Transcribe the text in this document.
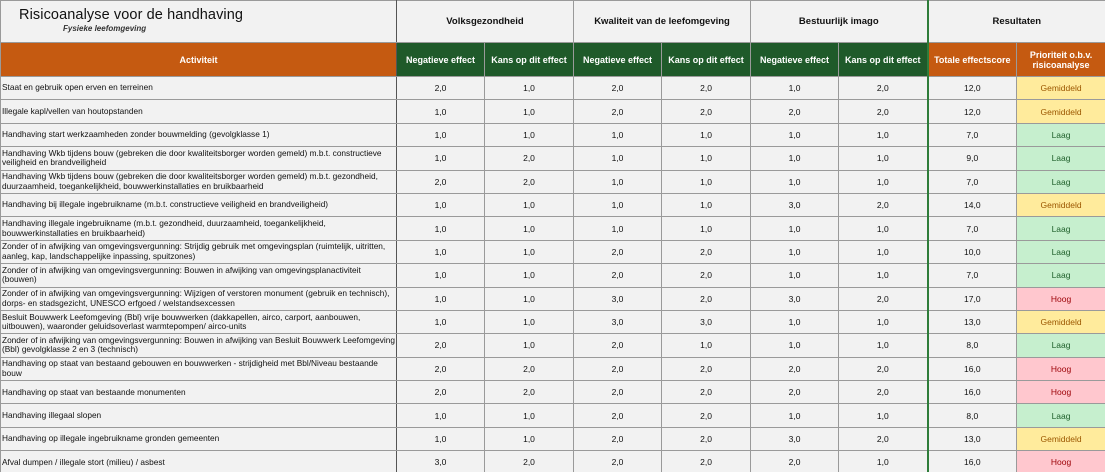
Risicoanalyse voor de handhaving
Fysieke leefomgeving	Volksgezondheid		Kwaliteit van de leefomgeving		Bestuurlijk imago		Resultaten	
Activiteit	Negatieve effect	Kans op dit effect	Negatieve effect	Kans op dit effect	Negatieve effect	Kans op dit effect	Totale effectscore	Prioriteit o.b.v. risicoanalyse
Staat en gebruik open erven en terreinen	2,0	1,0	2,0	2,0	1,0	2,0	12,0	Gemiddeld
Illegale kapl/vellen van houtopstanden	1,0	1,0	2,0	2,0	2,0	2,0	12,0	Gemiddeld
Handhaving start werkzaamheden zonder bouwmelding (gevolgklasse 1)	1,0	1,0	1,0	1,0	1,0	1,0	7,0	Laag
Handhaving Wkb tijdens bouw (gebreken die door kwaliteitsborger worden gemeld) m.b.t. constructieve veiligheid en brandveiligheid	1,0	2,0	1,0	1,0	1,0	1,0	9,0	Laag
Handhaving Wkb tijdens bouw (gebreken die door kwaliteitsborger worden gemeld) m.b.t. gezondheid, duurzaamheid, toegankelijkheid, bouwwerkinstallaties en bruikbaarheid	2,0	2,0	1,0	1,0	1,0	1,0	7,0	Laag
Handhaving bij illegale ingebruikname (m.b.t. constructieve veiligheid en brandveiligheid)	1,0	1,0	1,0	1,0	3,0	2,0	14,0	Gemiddeld
Handhaving illegale ingebruikname (m.b.t. gezondheid, duurzaamheid, toegankelijkheid, bouwwerkinstallaties en bruikbaarheid)	1,0	1,0	1,0	1,0	1,0	1,0	7,0	Laag
Zonder of in afwijking van omgevingsvergunning: Strijdig gebruik met omgevingsplan (ruimtelijk, uitritten, aanleg, kap, landschappelijke inpassing, spuitzones)	1,0	1,0	2,0	2,0	1,0	1,0	10,0	Laag
Zonder of in afwijking van omgevingsvergunning: Bouwen in afwijking van omgevingsplanactiviteit (bouwen)	1,0	1,0	2,0	2,0	1,0	1,0	7,0	Laag
Zonder of in afwijking van omgevingsvergunning: Wijzigen of verstoren monument (gebruik en technisch), dorps- en stadsgezicht, UNESCO erfgoed / welstandsexcessen	1,0	1,0	3,0	2,0	3,0	2,0	17,0	Hoog
Besluit Bouwwerk Leefomgeving (Bbl) vrije bouwwerken (dakkapellen, airco, carport, aanbouwen, uitbouwen), waaronder geluidsoverlast warmtepompen/ airco-units	1,0	1,0	3,0	3,0	1,0	1,0	13,0	Gemiddeld
Zonder of in afwijking van omgevingsvergunning: Bouwen in afwijking van Besluit Bouwwerk Leefomgeving (Bbl) gevolgklasse 2 en 3 (technisch)	2,0	1,0	2,0	1,0	1,0	1,0	8,0	Laag
Handhaving op staat van bestaand gebouwen en bouwwerken - strijdigheid met Bbl/Niveau bestaande bouw	2,0	2,0	2,0	2,0	2,0	2,0	16,0	Hoog
Handhaving op staat van bestaande monumenten	2,0	2,0	2,0	2,0	2,0	2,0	16,0	Hoog
Handhaving illegaal slopen	1,0	1,0	2,0	2,0	1,0	1,0	8,0	Laag
Handhaving op illegale ingebruikname gronden gemeenten	1,0	1,0	2,0	2,0	3,0	2,0	13,0	Gemiddeld
Afval dumpen / illegale stort (milieu) / asbest	3,0	2,0	2,0	2,0	2,0	1,0	16,0	Hoog
